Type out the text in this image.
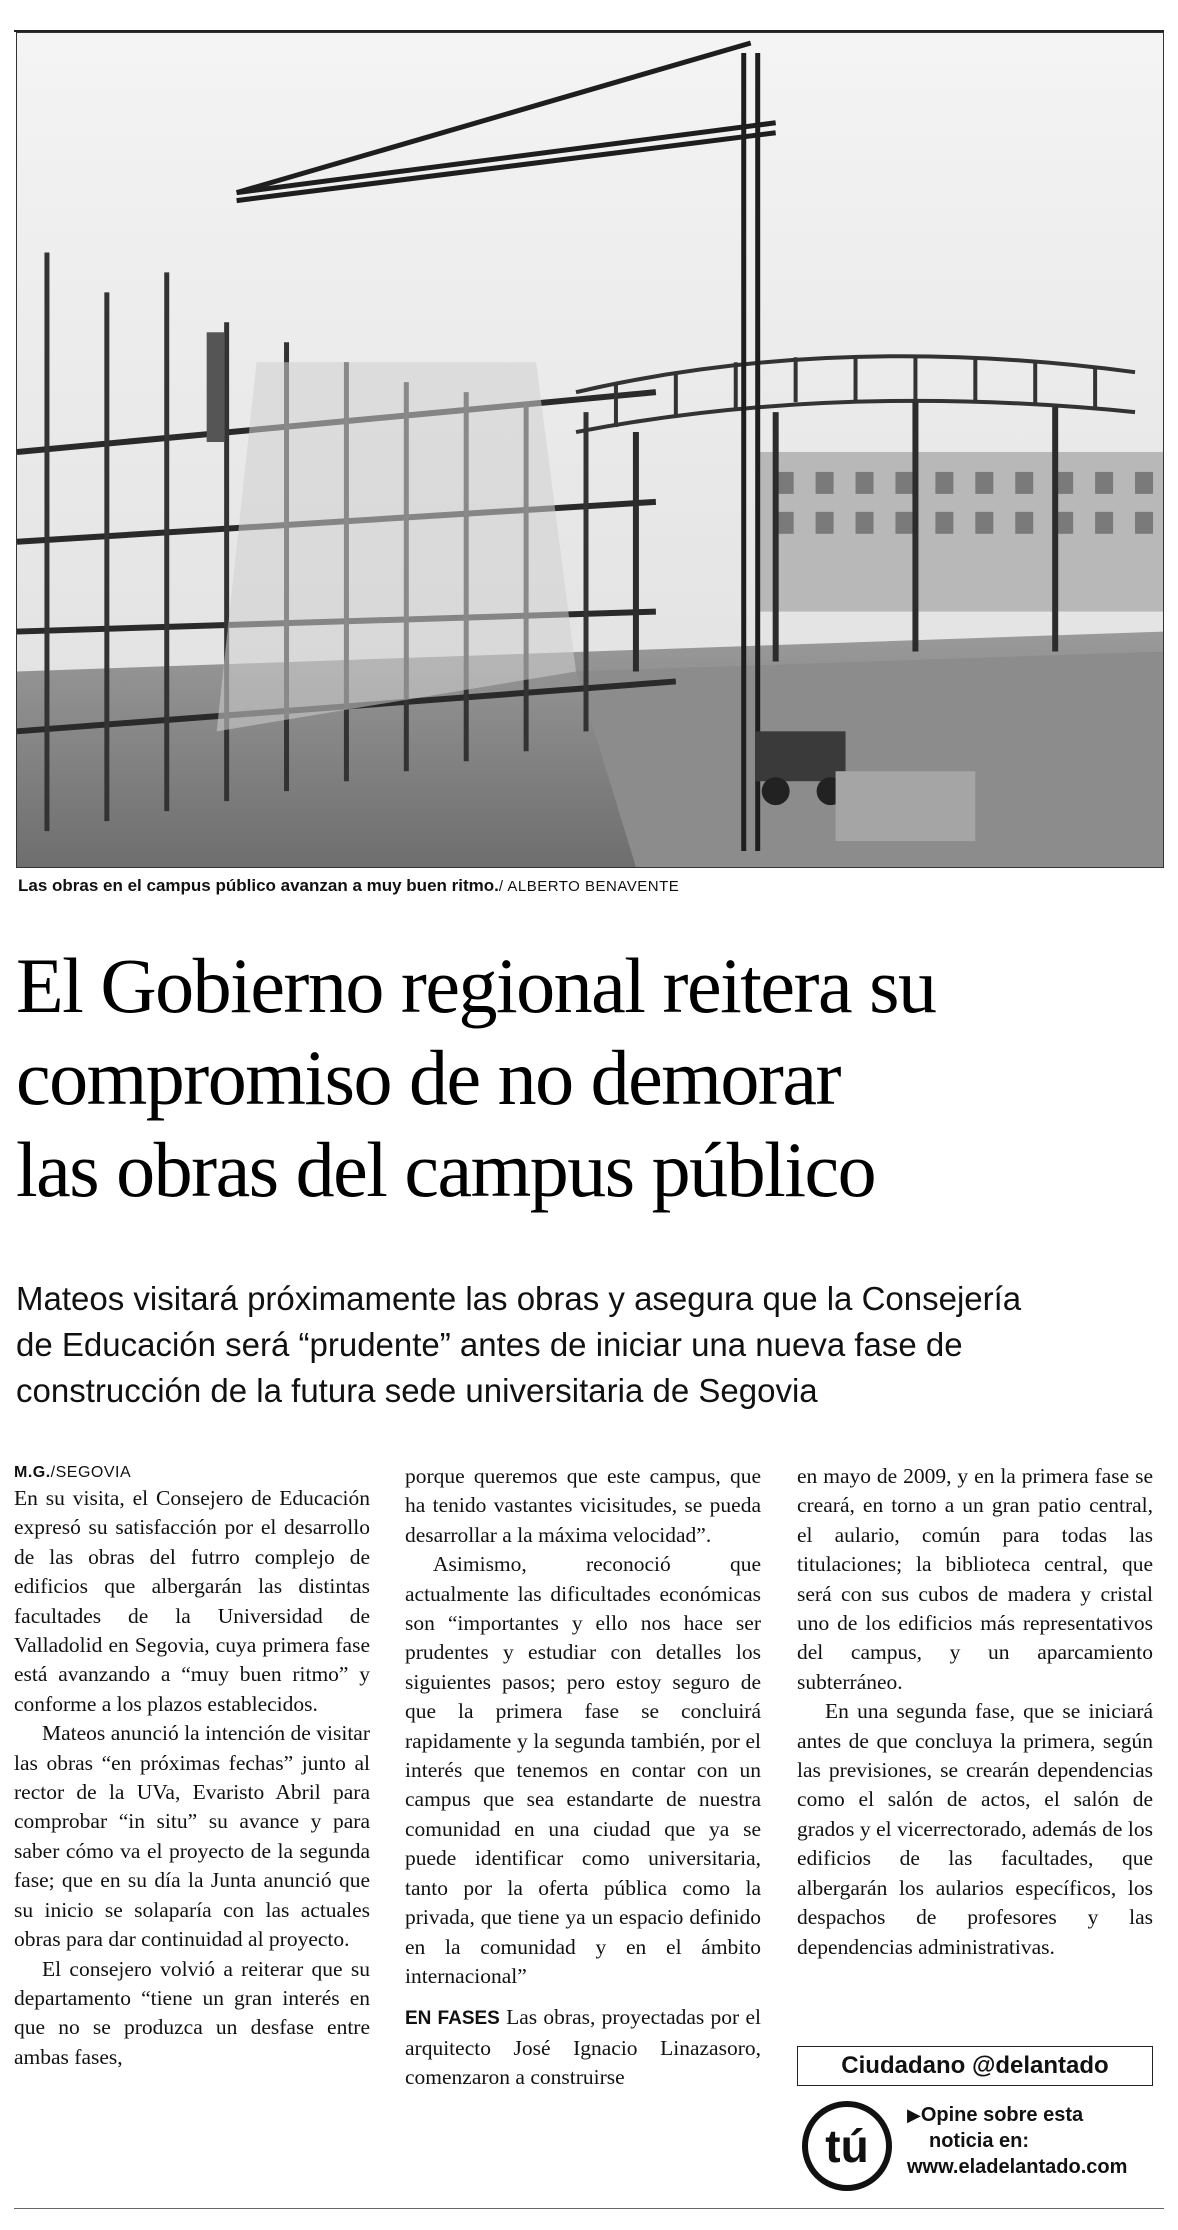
Las obras en el campus público avanzan a muy buen ritmo./ ALBERTO BENAVENTE
El Gobierno regional reitera su
compromiso de no demorar
las obras del campus público
Mateos visitará próximamente las obras y asegura que la Consejería
de Educación será “prudente” antes de iniciar una nueva fase de
construcción de la futura sede universitaria de Segovia
M.G./SEGOVIA

En su visita, el Consejero de Educación expresó su satisfacción por el desarrollo de las obras del futrro complejo de edificios que albergarán las distintas facultades de la Universidad de Valladolid en Segovia, cuya primera fase está avanzando a “muy buen ritmo” y conforme a los plazos establecidos.

Mateos anunció la intención de visitar las obras “en próximas fechas” junto al rector de la UVa, Evaristo Abril para comprobar “in situ” su avance y para saber cómo va el proyecto de la segunda fase; que en su día la Junta anunció que su inicio se solaparía con las actuales obras para dar continuidad al proyecto.

El consejero volvió a reiterar que su departamento “tiene un gran interés en que no se produzca un desfase entre ambas fases,

porque queremos que este campus, que ha tenido vastantes vicisitudes, se pueda desarrollar a la máxima velocidad”.

Asimismo, reconoció que actualmente las dificultades económicas son “importantes y ello nos hace ser prudentes y estudiar con detalles los siguientes pasos; pero estoy seguro de que la primera fase se concluirá rapidamente y la segunda también, por el interés que tenemos en contar con un campus que sea estandarte de nuestra comunidad en una ciudad que ya se puede identificar como universitaria, tanto por la oferta pública como la privada, que tiene ya un espacio definido en la comunidad y en el ámbito internacional”

EN FASES Las obras, proyectadas por el arquitecto José Ignacio Linazasoro, comenzaron a construirse

en mayo de 2009, y en la primera fase se creará, en torno a un gran patio central, el aulario, común para todas las titulaciones; la biblioteca central, que será con sus cubos de madera y cristal uno de los edificios más representativos del campus, y un aparcamiento subterráneo.

En una segunda fase, que se iniciará antes de que concluya la primera, según las previsiones, se crearán dependencias como el salón de actos, el salón de grados y el vicerrectorado, además de los edificios de las facultades, que albergarán los aularios específicos, los despachos de profesores y las dependencias administrativas.

Ciudadano @delantado
tú
▶Opine sobre esta
noticia en:
www.eladelantado.com
